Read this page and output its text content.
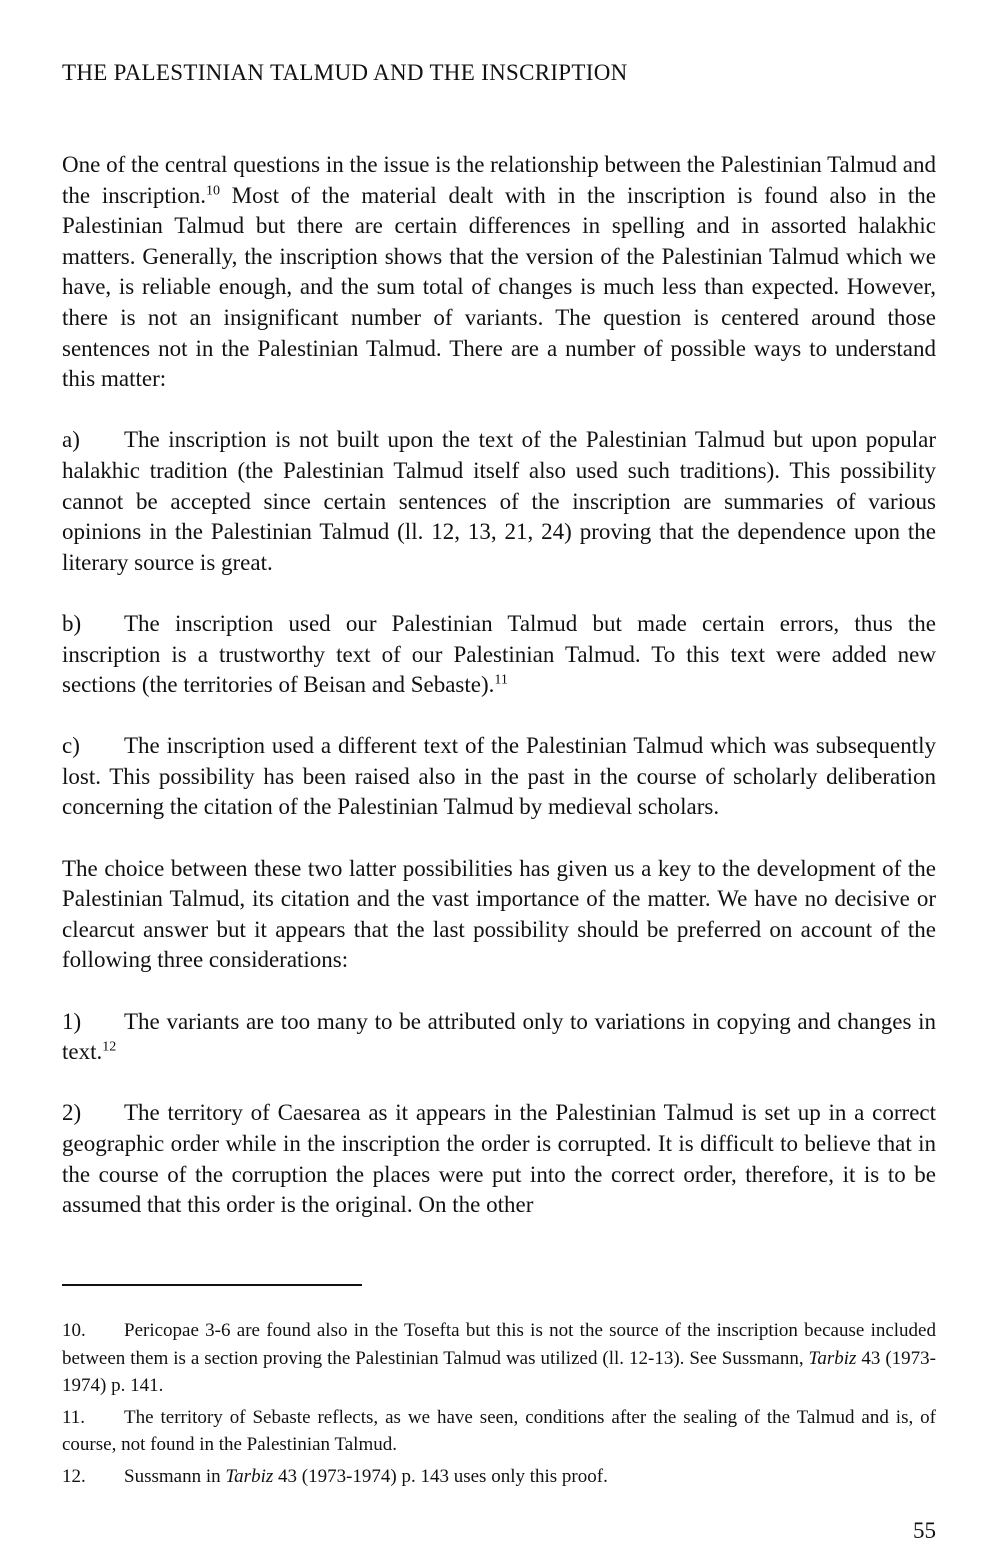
THE PALESTINIAN TALMUD AND THE INSCRIPTION

One of the central questions in the issue is the relationship between the Palestinian Talmud and the inscription.$^{10}$ Most of the material dealt with in the inscription is found also in the Palestinian Talmud but there are certain differences in spelling and in assorted halakhic matters. Generally, the inscription shows that the version of the Palestinian Talmud which we have, is reliable enough, and the sum total of changes is much less than expected. However, there is not an insignificant number of variants. The question is centered around those sentences not in the Palestinian Talmud. There are a number of possible ways to understand this matter:

a) The inscription is not built upon the text of the Palestinian Talmud but upon popular halakhic tradition (the Palestinian Talmud itself also used such traditions). This possibility cannot be accepted since certain sentences of the inscription are summaries of various opinions in the Palestinian Talmud (ll. 12, 13, 21, 24) proving that the dependence upon the literary source is great.

b) The inscription used our Palestinian Talmud but made certain errors, thus the inscription is a trustworthy text of our Palestinian Talmud. To this text were added new sections (the territories of Beisan and Sebaste).$^{11}$

c) The inscription used a different text of the Palestinian Talmud which was subsequently lost. This possibility has been raised also in the past in the course of scholarly deliberation concerning the citation of the Palestinian Talmud by medieval scholars.

The choice between these two latter possibilities has given us a key to the development of the Palestinian Talmud, its citation and the vast importance of the matter. We have no decisive or clearcut answer but it appears that the last possibility should be preferred on account of the following three considerations:

1) The variants are too many to be attributed only to variations in copying and changes in text.$^{12}$

2) The territory of Caesarea as it appears in the Palestinian Talmud is set up in a correct geographic order while in the inscription the order is corrupted. It is difficult to believe that in the course of the corruption the places were put into the correct order, therefore, it is to be assumed that this order is the original. On the other

10. Pericopae 3-6 are found also in the Tosefta but this is not the source of the inscription because included between them is a section proving the Palestinian Talmud was utilized (ll. 12-13). See Sussmann, Tarbiz 43 (1973-1974) p. 141.

11. The territory of Sebaste reflects, as we have seen, conditions after the sealing of the Talmud and is, of course, not found in the Palestinian Talmud.

12. Sussmann in Tarbiz 43 (1973-1974) p. 143 uses only this proof.

55
